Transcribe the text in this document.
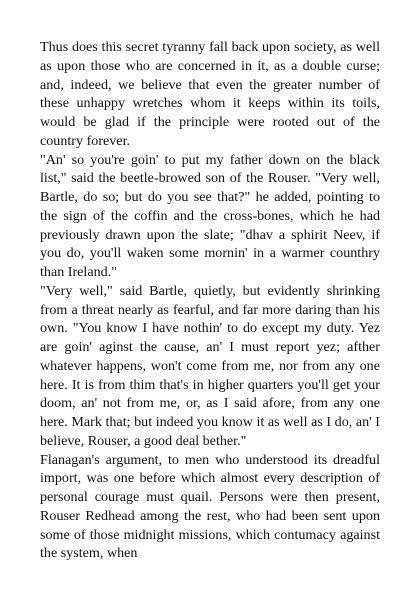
Thus does this secret tyranny fall back upon society, as well as upon those who are concerned in it, as a double curse; and, indeed, we believe that even the greater number of these unhappy wretches whom it keeps within its toils, would be glad if the principle were rooted out of the country forever.

"An' so you're goin' to put my father down on the black list," said the beetle-browed son of the Rouser. "Very well, Bartle, do so; but do you see that?" he added, pointing to the sign of the coffin and the cross-bones, which he had previously drawn upon the slate; "dhav a sphirit Neev, if you do, you'll waken some mornin' in a warmer counthry than Ireland."

"Very well," said Bartle, quietly, but evidently shrinking from a threat nearly as fearful, and far more daring than his own. "You know I have nothin' to do except my duty. Yez are goin' aginst the cause, an' I must report yez; afther whatever happens, won't come from me, nor from any one here. It is from thim that's in higher quarters you'll get your doom, an' not from me, or, as I said afore, from any one here. Mark that; but indeed you know it as well as I do, an' I believe, Rouser, a good deal bether."

Flanagan's argument, to men who understood its dreadful import, was one before which almost every description of personal courage must quail. Persons were then present, Rouser Redhead among the rest, who had been sent upon some of those midnight missions, which contumacy against the system, when
